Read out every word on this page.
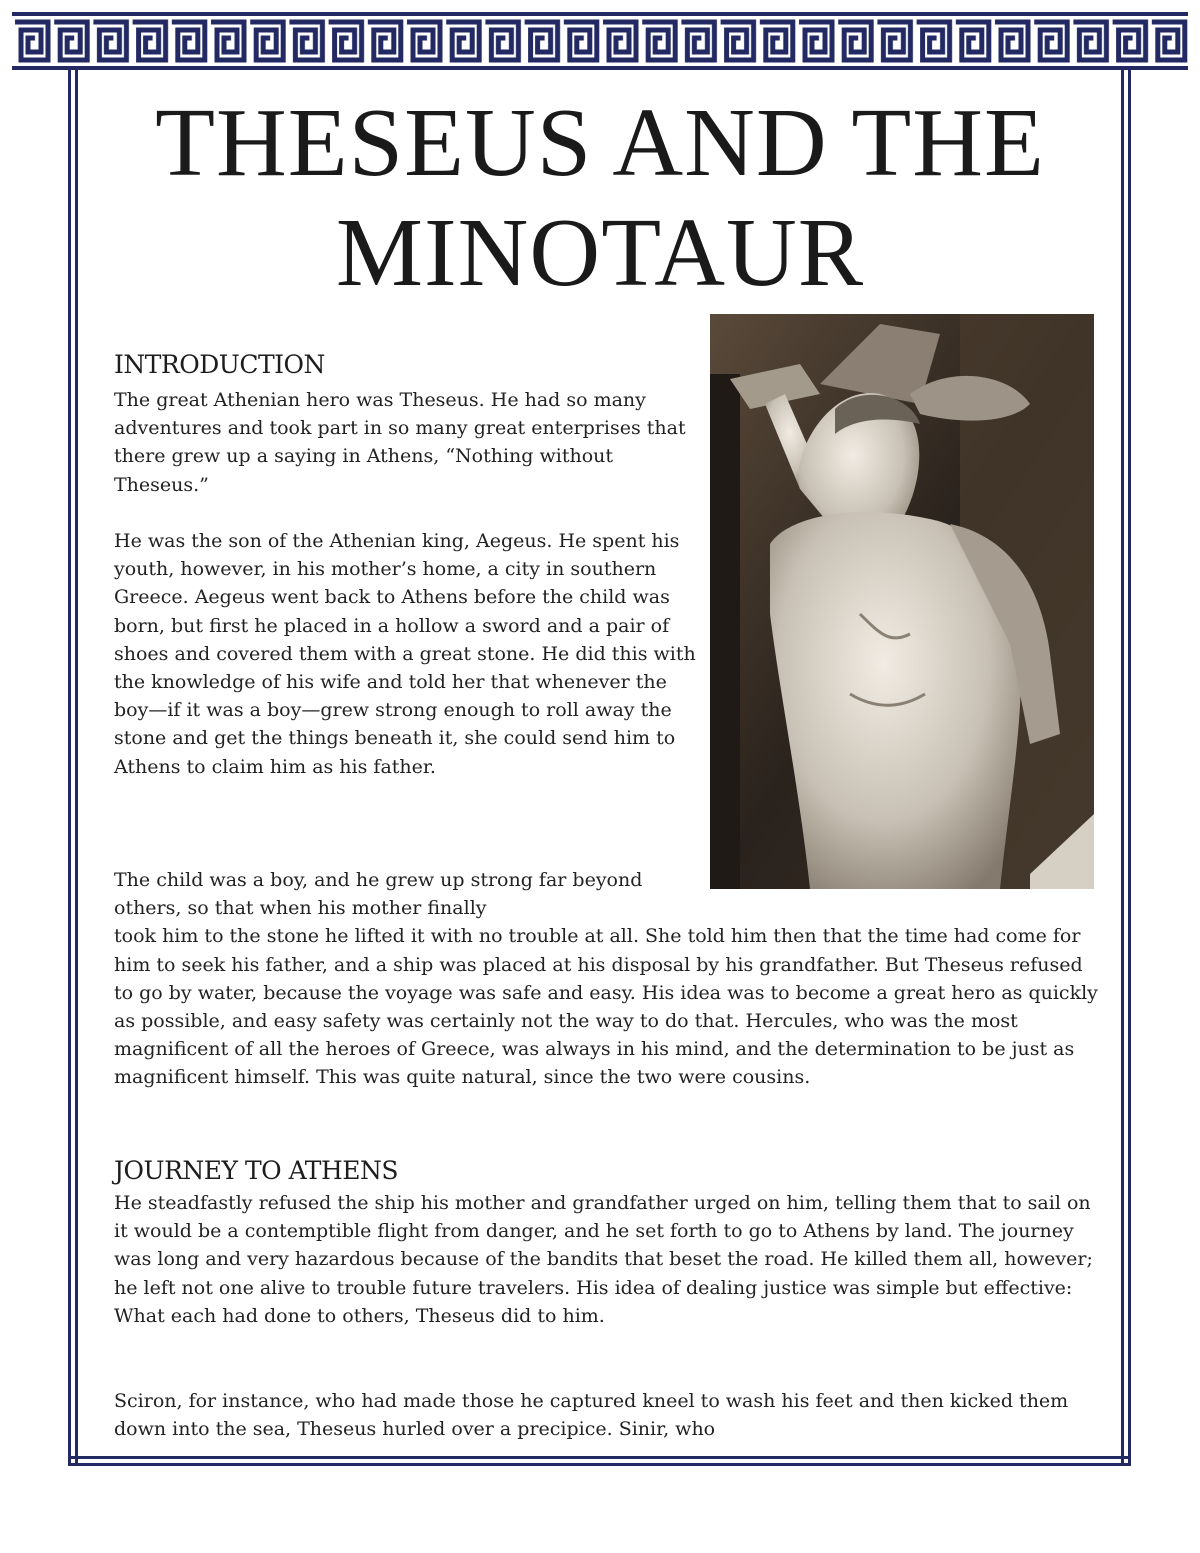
THESEUS AND THE
MINOTAUR
INTRODUCTION

The great Athenian hero was Theseus. He had so many adventures and took part in so many great enterprises that there grew up a saying in Athens, “Nothing without Theseus.”

He was the son of the Athenian king, Aegeus. He spent his youth, however, in his mother’s home, a city in southern Greece. Aegeus went back to Athens before the child was born, but first he placed in a hollow a sword and a pair of shoes and covered them with a great stone. He did this with the knowledge of his wife and told her that whenever the boy—if it was a boy—grew strong enough to roll away the stone and get the things beneath it, she could send him to Athens to claim him as his father.

The child was a boy, and he grew up strong far beyond others, so that when his mother finally
took him to the stone he lifted it with no trouble at all. She told him then that the time had come for him to seek his father, and a ship was placed at his disposal by his grandfather. But Theseus refused to go by water, because the voyage was safe and easy. His idea was to become a great hero as quickly as possible, and easy safety was certainly not the way to do that. Hercules, who was the most magnificent of all the heroes of Greece, was always in his mind, and the determination to be just as magnificent himself. This was quite natural, since the two were cousins.
JOURNEY TO ATHENS

He steadfastly refused the ship his mother and grandfather urged on him, telling them that to sail on it would be a contemptible flight from danger, and he set forth to go to Athens by land. The journey was long and very hazardous because of the bandits that beset the road. He killed them all, however; he left not one alive to trouble future travelers. His idea of dealing justice was simple but effective: What each had done to others, Theseus did to him.

Sciron, for instance, who had made those he captured kneel to wash his feet and then kicked them down into the sea, Theseus hurled over a precipice. Sinir, who
